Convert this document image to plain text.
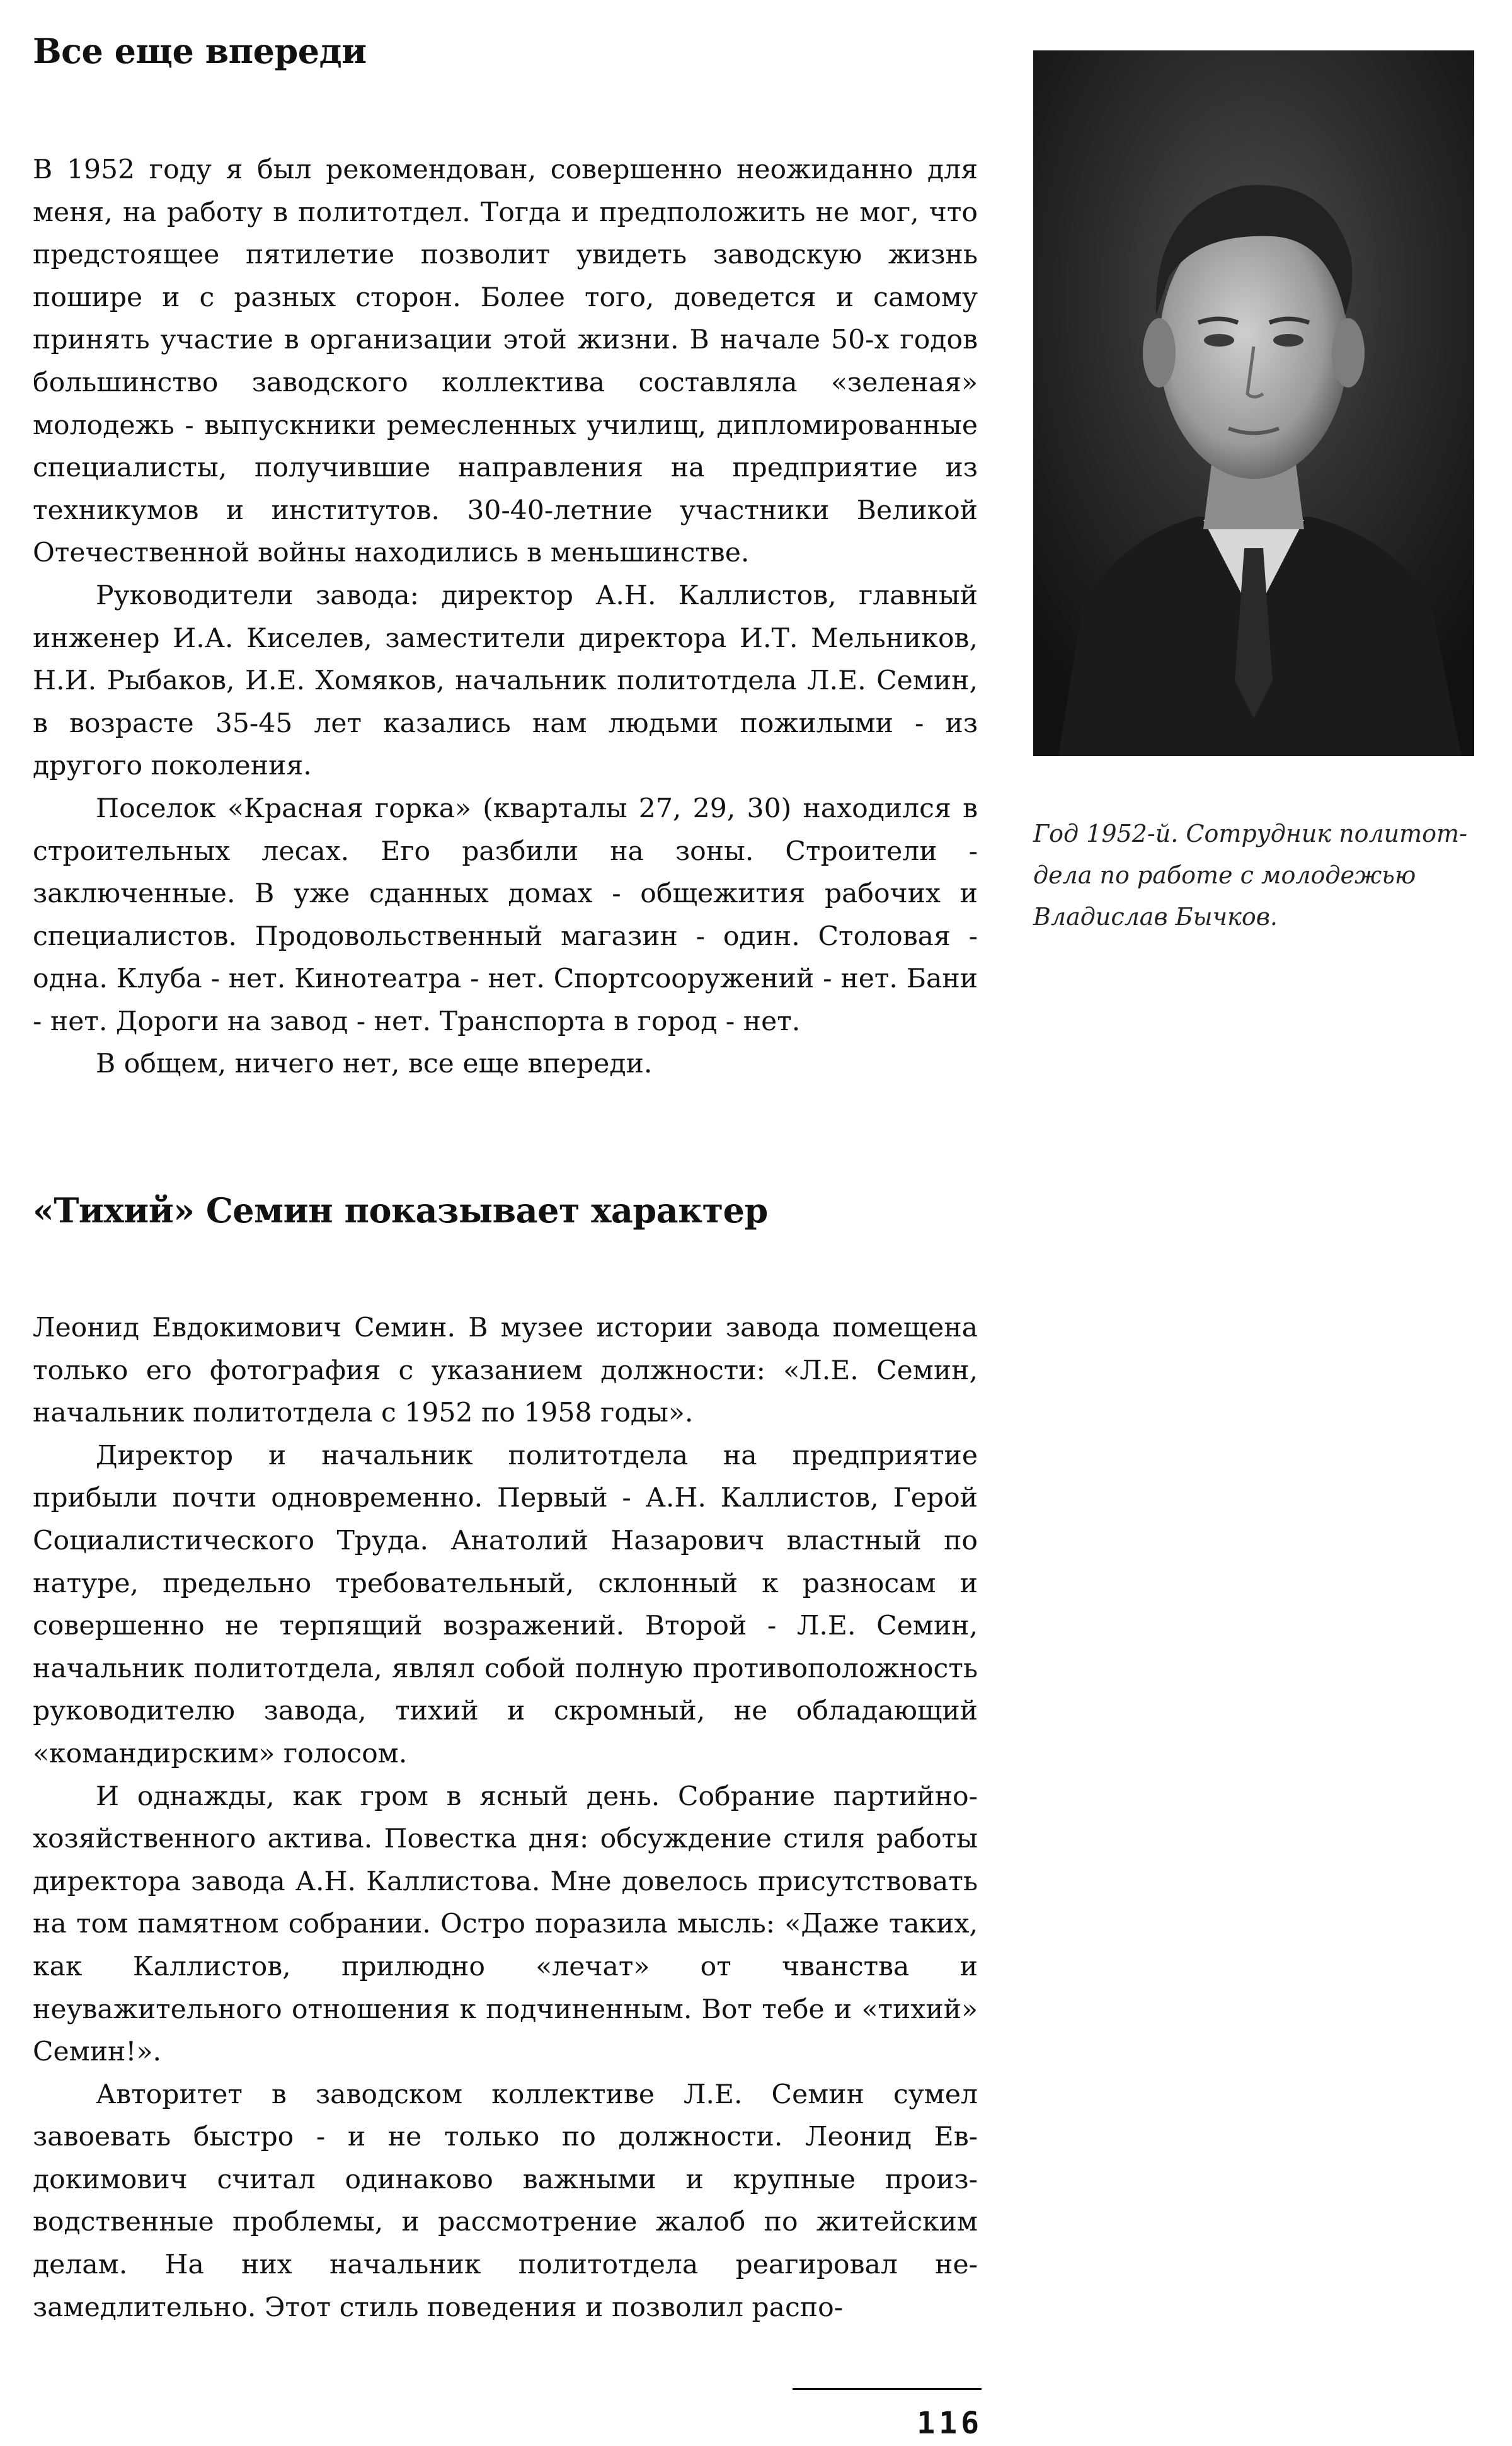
Все еще впереди

В 1952 году я был рекомендован, совершенно неожиданно для меня, на работу в политотдел. Тогда и предположить не мог, что предстоящее пятилетие позволит увидеть заводскую жизнь пошире и с разных сторон. Более того, доведется и самому принять участие в организации этой жизни. В начале 50-х годов большинство заводского коллектива составляла «зеленая» молодежь - выпускники ремесленных училищ, дипломированные специалисты, получившие направления на предприятие из техникумов и институтов. 30-40-летние участники Великой Отечественной войны находились в меньшинстве.

Руководители завода: директор А.Н. Каллистов, главный инженер И.А. Киселев, заместители директора И.Т. Мельников, Н.И. Рыбаков, И.Е. Хомяков, начальник политотдела Л.Е. Семин, в возрасте 35-45 лет казались нам людьми пожилыми - из другого поколения.

Поселок «Красная горка» (кварталы 27, 29, 30) находился в строительных лесах. Его разбили на зоны. Строители - заключенные. В уже сданных домах - общежития рабочих и специалистов. Продовольственный магазин - один. Столовая - одна. Клуба - нет. Кинотеатра - нет. Спортсооружений - нет. Бани - нет. Дороги на завод - нет. Транспорта в город - нет.

В общем, ничего нет, все еще впереди.

«Тихий» Семин показывает характер

Леонид Евдокимович Семин. В музее истории завода помещена только его фотография с указанием должности: «Л.Е. Семин, начальник политотдела с 1952 по 1958 годы».

Директор и начальник политотдела на предприятие прибыли почти одновременно. Первый - А.Н. Каллистов, Герой Социалистического Труда. Анатолий Назарович властный по натуре, предельно требовательный, склонный к разносам и совершенно не терпящий возражений. Второй - Л.Е. Семин, начальник политотдела, являл собой полную противоположность руководителю завода, тихий и скромный, не обладающий «командирским» голосом.

И однажды, как гром в ясный день. Собрание партийно-хозяйственного актива. Повестка дня: обсуждение стиля работы директора завода А.Н. Каллистова. Мне довелось присутствовать на том памятном собрании. Остро поразила мысль: «Даже таких, как Каллистов, прилюдно «лечат» от чванства и неуважительного отношения к подчиненным. Вот тебе и «тихий» Семин!».

Авторитет в заводском коллективе Л.Е. Семин сумел завоевать быстро - и не только по должности. Леонид Евдокимович считал одинаково важными и крупные производственные проблемы, и рассмотрение жалоб по житейским делам. На них начальник политотдела реагировал незамедлительно. Этот стиль поведения и позволил распо-

Год 1952-й. Сотрудник политотдела по работе с молодежью Владислав Бычков.
116
